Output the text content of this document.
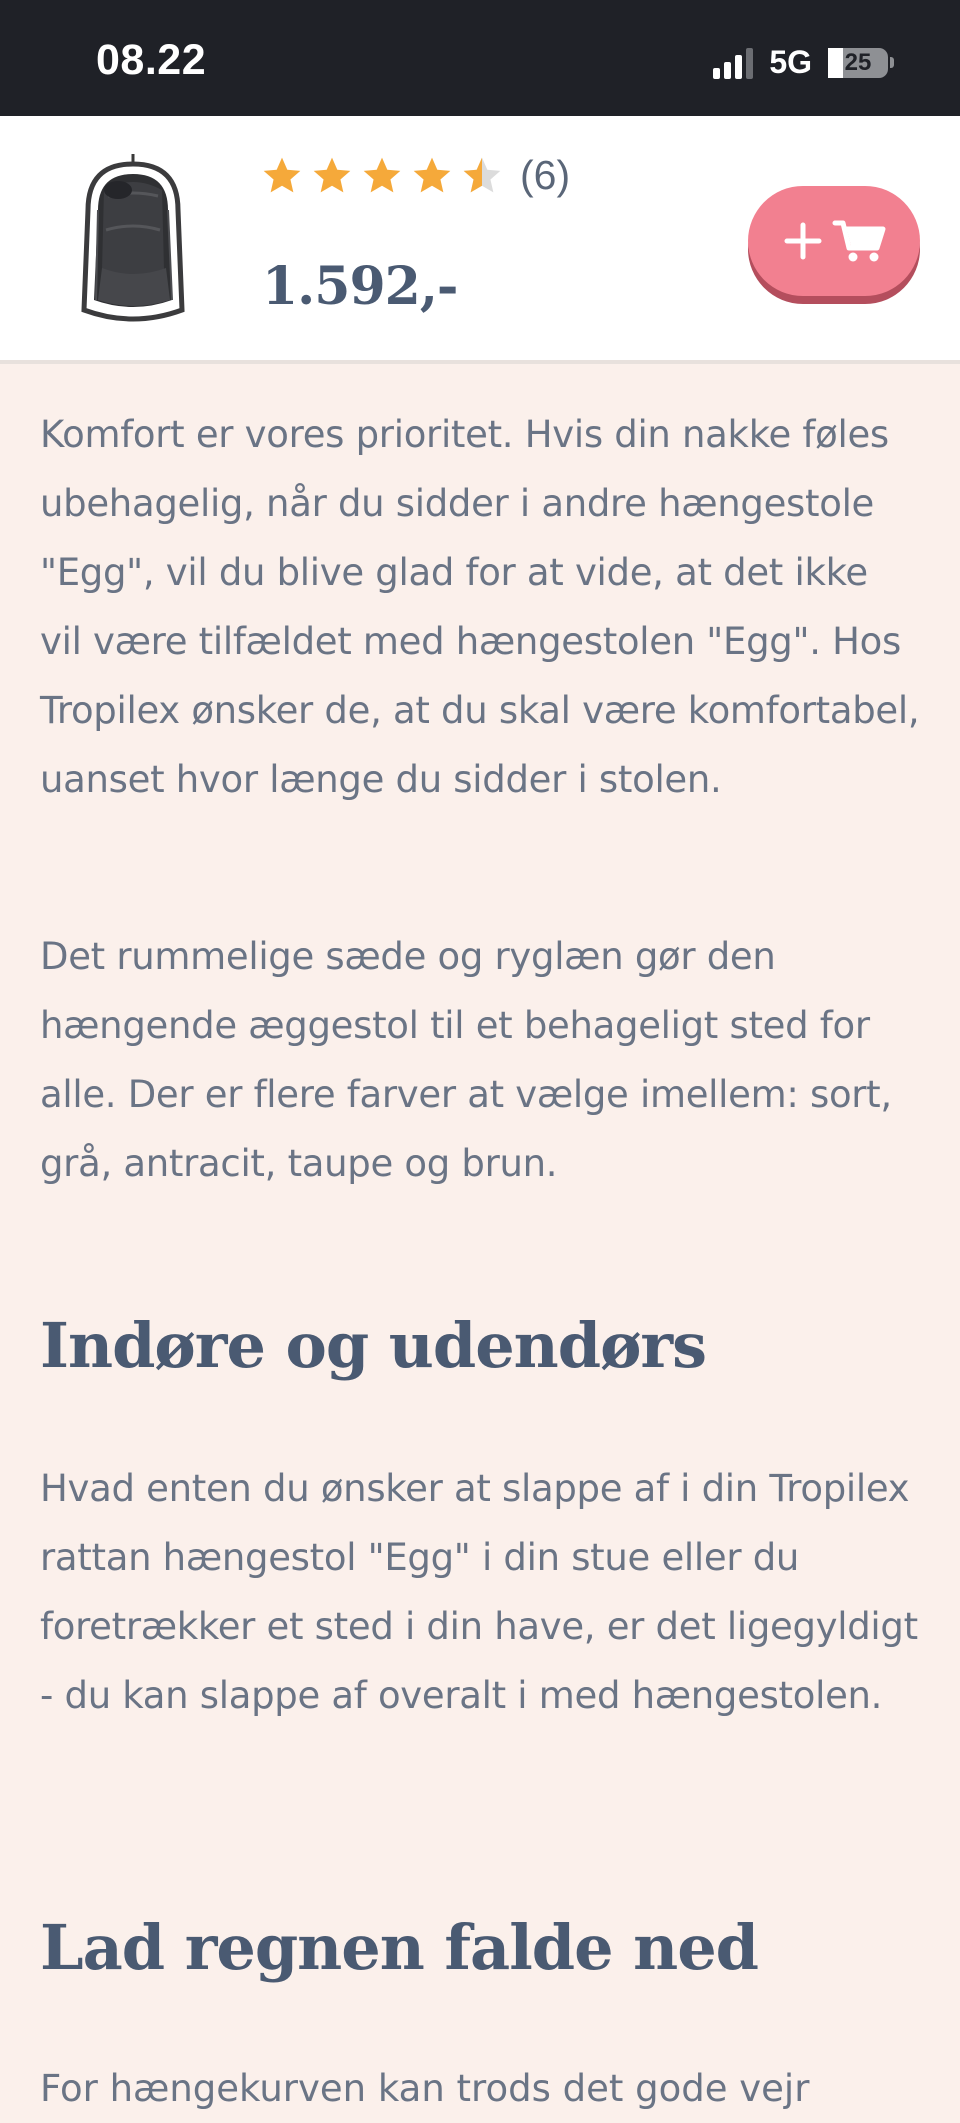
08.22	5G	25
(6)
1.592,-

Komfort er vores prioritet. Hvis din nakke føles ubehagelig, når du sidder i andre hængestole "Egg", vil du blive glad for at vide, at det ikke vil være tilfældet med hængestolen "Egg". Hos Tropilex ønsker de, at du skal være komfortabel, uanset hvor længe du sidder i stolen.

Det rummelige sæde og ryglæn gør den hængende æggestol til et behageligt sted for alle. Der er flere farver at vælge imellem: sort, grå, antracit, taupe og brun.

Indøre og udendørs

Hvad enten du ønsker at slappe af i din Tropilex rattan hængestol "Egg" i din stue eller du foretrækker et sted i din have, er det ligegyldigt - du kan slappe af overalt i med hængestolen.

Lad regnen falde ned
For hængekurven kan trods det gode vejr
